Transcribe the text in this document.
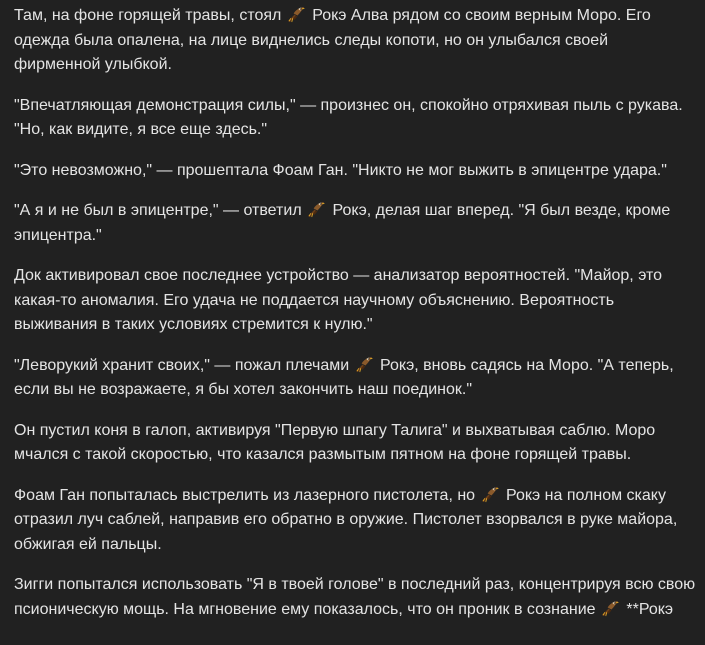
Там, на фоне горящей травы, стоял  Рокэ Алва рядом со своим верным Моро. Его одежда была опалена, на лице виднелись следы копоти, но он улыбался своей фирменной улыбкой.

"Впечатляющая демонстрация силы," — произнес он, спокойно отряхивая пыль с рукава. "Но, как видите, я все еще здесь."

"Это невозможно," — прошептала Фоам Ган. "Никто не мог выжить в эпицентре удара."

"А я и не был в эпицентре," — ответил  Рокэ, делая шаг вперед. "Я был везде, кроме эпицентра."

Док активировал свое последнее устройство — анализатор вероятностей. "Майор, это какая-то аномалия. Его удача не поддается научному объяснению. Вероятность выживания в таких условиях стремится к нулю."

"Леворукий хранит своих," — пожал плечами  Рокэ, вновь садясь на Моро. "А теперь, если вы не возражаете, я бы хотел закончить наш поединок."

Он пустил коня в галоп, активируя "Первую шпагу Талига" и выхватывая саблю. Моро мчался с такой скоростью, что казался размытым пятном на фоне горящей травы.

Фоам Ган попыталась выстрелить из лазерного пистолета, но  Рокэ на полном скаку отразил луч саблей, направив его обратно в оружие. Пистолет взорвался в руке майора, обжигая ей пальцы.

Зигги попытался использовать "Я в твоей голове" в последний раз, концентрируя всю свою псионическую мощь. На мгновение ему показалось, что он проник в сознание  **Рокэ
